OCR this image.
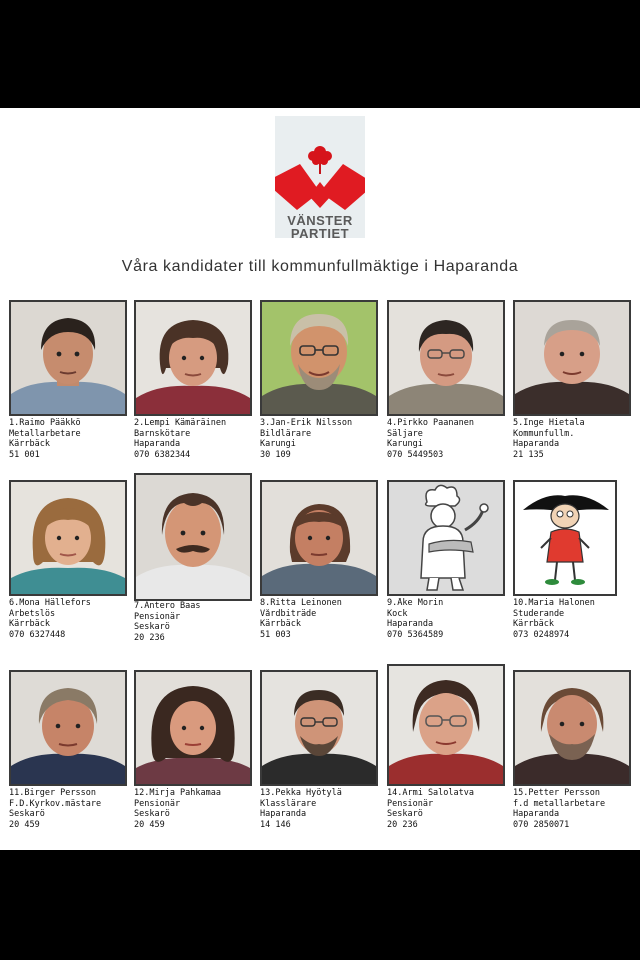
VÄNSTER
PARTIET
Våra kandidater till kommunfullmäktige i Haparanda
1.Raimo Pääkkö
Metallarbetare
Kärrbäck
51 001
2.Lempi Kämäräinen
Barnskötare
Haparanda
070 6382344
3.Jan-Erik Nilsson
Bildlärare
Karungi
30 109
4.Pirkko Paananen
Säljare
Karungi
070 5449503
5.Inge Hietala
Kommunfullm.
Haparanda
21 135
6.Mona Hällefors
Arbetslös
Kärrbäck
070 6327448
7.Antero Baas
Pensionär
Seskarö
20 236
8.Ritta Leinonen
Vårdbiträde
Kärrbäck
51 003
9.Åke Morin
Kock
Haparanda
070 5364589
10.Maria Halonen
Studerande
Kärrbäck
073 0248974
11.Birger Persson
F.D.Kyrkov.mästare
Seskarö
20 459
12.Mirja Pahkamaa
Pensionär
Seskarö
20 459
13.Pekka Hyötylä
Klasslärare
Haparanda
14 146
14.Armi Salolatva
Pensionär
Seskarö
20 236
15.Petter Persson
f.d metallarbetare
Haparanda
070 2850071
